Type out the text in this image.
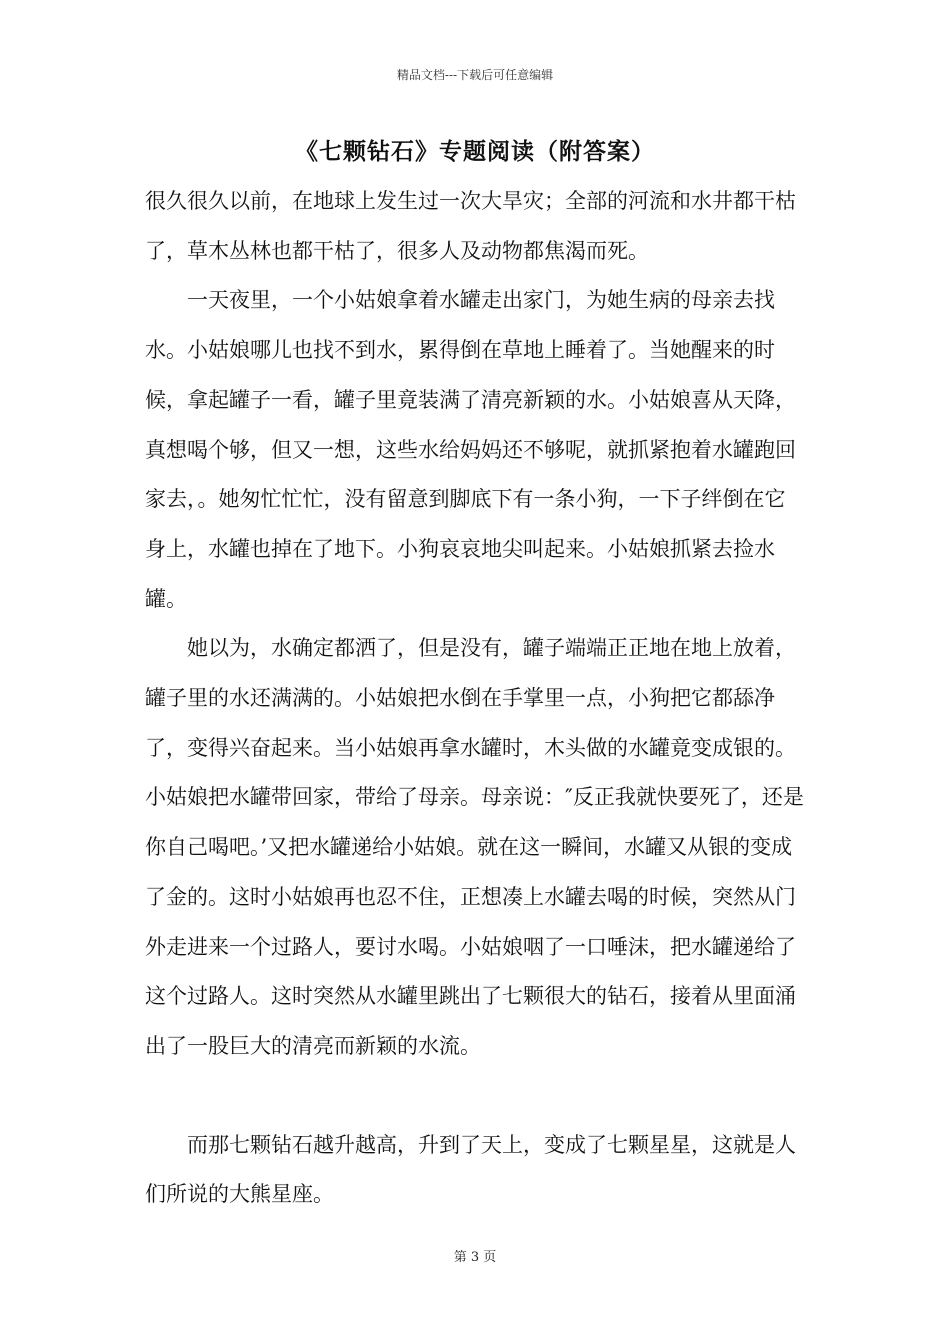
精品文档---下载后可任意编辑
《七颗钻石》专题阅读（附答案）

很久很久以前，在地球上发生过一次大旱灾；全部的河流和水井都干枯了，草木丛林也都干枯了，很多人及动物都焦渴而死。

一天夜里，一个小姑娘拿着水罐走出家门，为她生病的母亲去找水。小姑娘哪儿也找不到水，累得倒在草地上睡着了。当她醒来的时候，拿起罐子一看，罐子里竟装满了清亮新颖的水。小姑娘喜从天降，真想喝个够，但又一想，这些水给妈妈还不够呢，就抓紧抱着水罐跑回家去，。她匆忙忙忙，没有留意到脚底下有一条小狗，一下子绊倒在它身上，水罐也掉在了地下。小狗哀哀地尖叫起来。小姑娘抓紧去捡水罐。

她以为，水确定都洒了，但是没有，罐子端端正正地在地上放着，罐子里的水还满满的。小姑娘把水倒在手掌里一点，小狗把它都舔净了，变得兴奋起来。当小姑娘再拿水罐时，木头做的水罐竟变成银的。小姑娘把水罐带回家，带给了母亲。母亲说：″反正我就快要死了，还是你自己喝吧。’又把水罐递给小姑娘。就在这一瞬间，水罐又从银的变成了金的。这时小姑娘再也忍不住，正想凑上水罐去喝的时候，突然从门外走进来一个过路人，要讨水喝。小姑娘咽了一口唾沫，把水罐递给了这个过路人。这时突然从水罐里跳出了七颗很大的钻石，接着从里面涌出了一股巨大的清亮而新颖的水流。

而那七颗钻石越升越高，升到了天上，变成了七颗星星，这就是人们所说的大熊星座。

第 3 页
